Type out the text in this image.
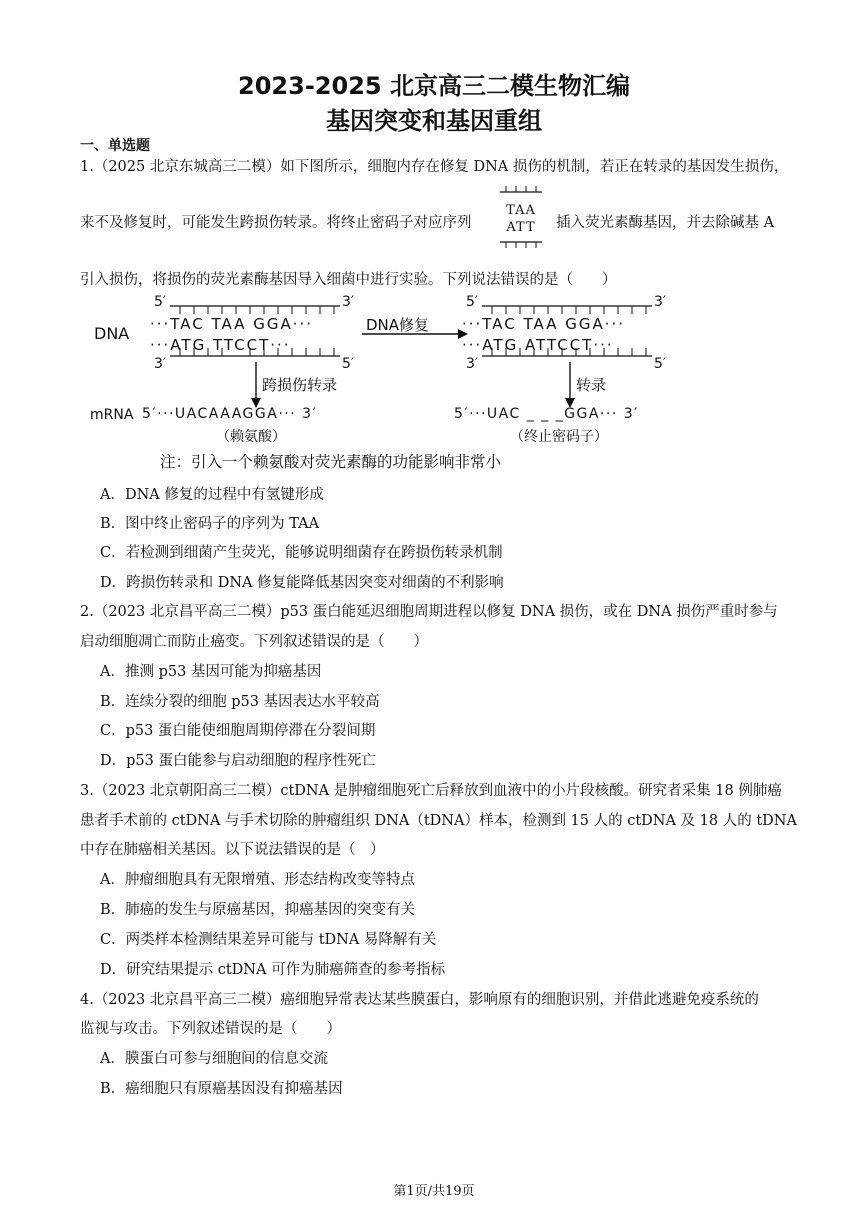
2023-2025 北京高三二模生物汇编
基因突变和基因重组
一、单选题
1.（2025 北京东城高三二模）如下图所示，细胞内存在修复 DNA 损伤的机制，若正在转录的基因发生损伤，
来不及修复时，可能发生跨损伤转录。将终止密码子对应序列
TAA
ATT	插入荧光素酶基因，并去除碱基 A
引入损伤，将损伤的荧光素酶基因导入细菌中进行实验。下列说法错误的是（　　）
5′	3′
DNA ···TAC TAA GGA···
···ATG TTCCT···
3′	5′
DNA修复
5′	3′
···TAC TAA GGA···
···ATG ATTCCT···
3′	5′
跨损伤转录	转录
mRNA 5′···UACAAAGGA··· 3′
（赖氨酸）
5′···UAC _ _ _GGA··· 3′
（终止密码子）
注：引入一个赖氨酸对荧光素酶的功能影响非常小
A．DNA 修复的过程中有氢键形成
B．图中终止密码子的序列为 TAA
C．若检测到细菌产生荧光，能够说明细菌存在跨损伤转录机制
D．跨损伤转录和 DNA 修复能降低基因突变对细菌的不利影响
2.（2023 北京昌平高三二模）p53 蛋白能延迟细胞周期进程以修复 DNA 损伤，或在 DNA 损伤严重时参与
启动细胞凋亡而防止癌变。下列叙述错误的是（　　）
A．推测 p53 基因可能为抑癌基因
B．连续分裂的细胞 p53 基因表达水平较高
C．p53 蛋白能使细胞周期停滞在分裂间期
D．p53 蛋白能参与启动细胞的程序性死亡
3.（2023 北京朝阳高三二模）ctDNA 是肿瘤细胞死亡后释放到血液中的小片段核酸。研究者采集 18 例肺癌
患者手术前的 ctDNA 与手术切除的肿瘤组织 DNA（tDNA）样本，检测到 15 人的 ctDNA 及 18 人的 tDNA
中存在肺癌相关基因。以下说法错误的是（　）
A．肿瘤细胞具有无限增殖、形态结构改变等特点
B．肺癌的发生与原癌基因，抑癌基因的突变有关
C．两类样本检测结果差异可能与 tDNA 易降解有关
D．研究结果提示 ctDNA 可作为肺癌筛查的参考指标
4.（2023 北京昌平高三二模）癌细胞异常表达某些膜蛋白，影响原有的细胞识别，并借此逃避免疫系统的
监视与攻击。下列叙述错误的是（　　）
A．膜蛋白可参与细胞间的信息交流
B．癌细胞只有原癌基因没有抑癌基因
第1页/共19页
